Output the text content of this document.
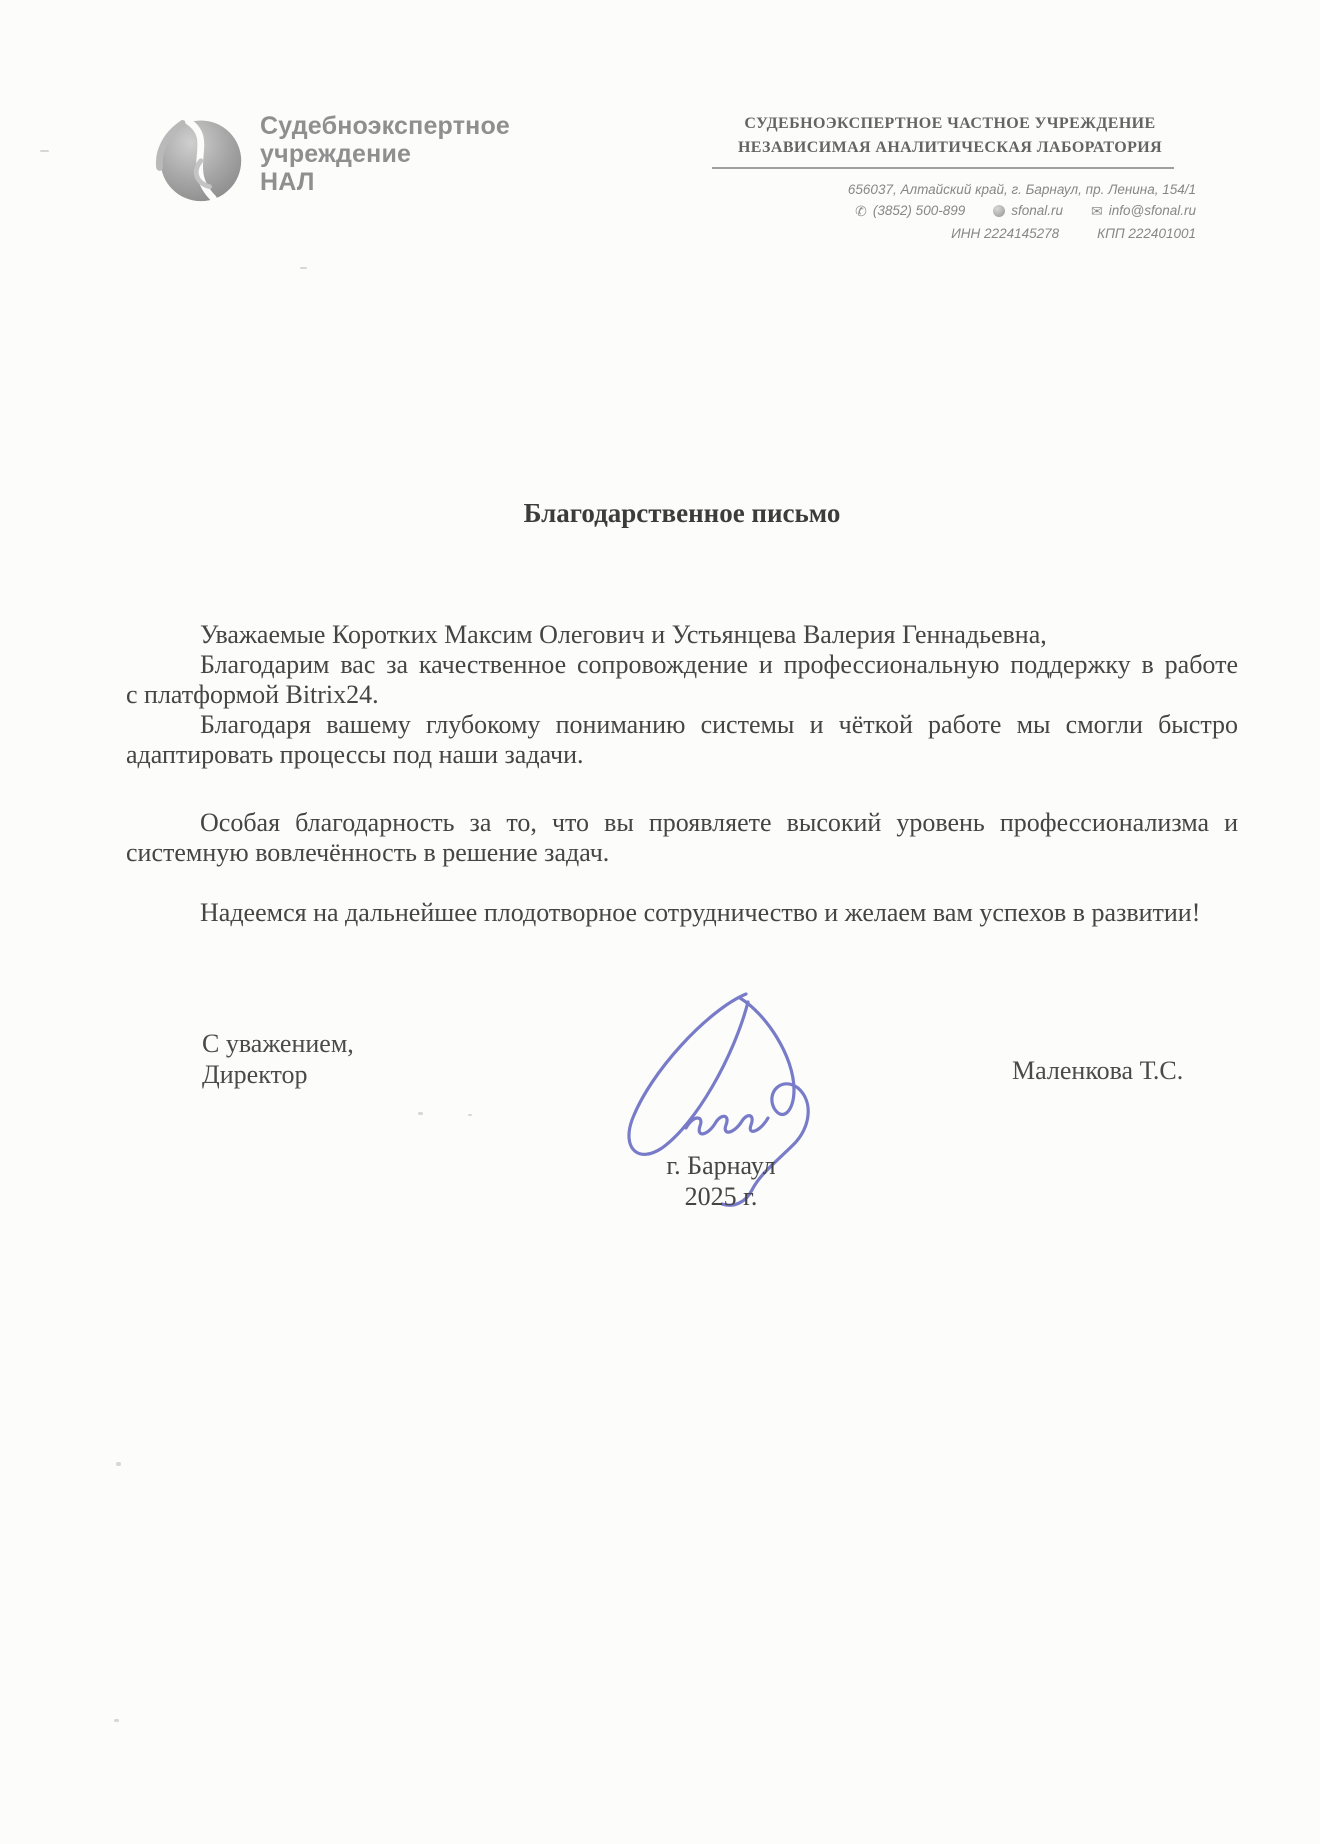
Судебноэкспертное
учреждение
НАЛ
СУДЕБНОЭКСПЕРТНОЕ ЧАСТНОЕ УЧРЕЖДЕНИЕ
НЕЗАВИСИМАЯ АНАЛИТИЧЕСКАЯ ЛАБОРАТОРИЯ
656037, Алтайский край, г. Барнаул, пр. Ленина, 154/1
✆ (3852) 500-899	sfonal.ru ✉ info@sfonal.ru
ИНН 2224145278	КПП 222401001
Благодарственное письмо
Уважаемые Коротких Максим Олегович и Устьянцева Валерия Геннадьевна,
Благодарим вас за качественное сопровождение и профессиональную поддержку в работе
с платформой Bitrix24.
Благодаря вашему глубокому пониманию системы и чёткой работе мы смогли быстро
адаптировать процессы под наши задачи.
Особая благодарность за то, что вы проявляете высокий уровень профессионализма и
системную вовлечённость в решение задач.
Надеемся на дальнейшее плодотворное сотрудничество и желаем вам успехов в развитии!
С уважением,
Директор	Маленкова Т.С.
г. Барнаул
2025 г.
